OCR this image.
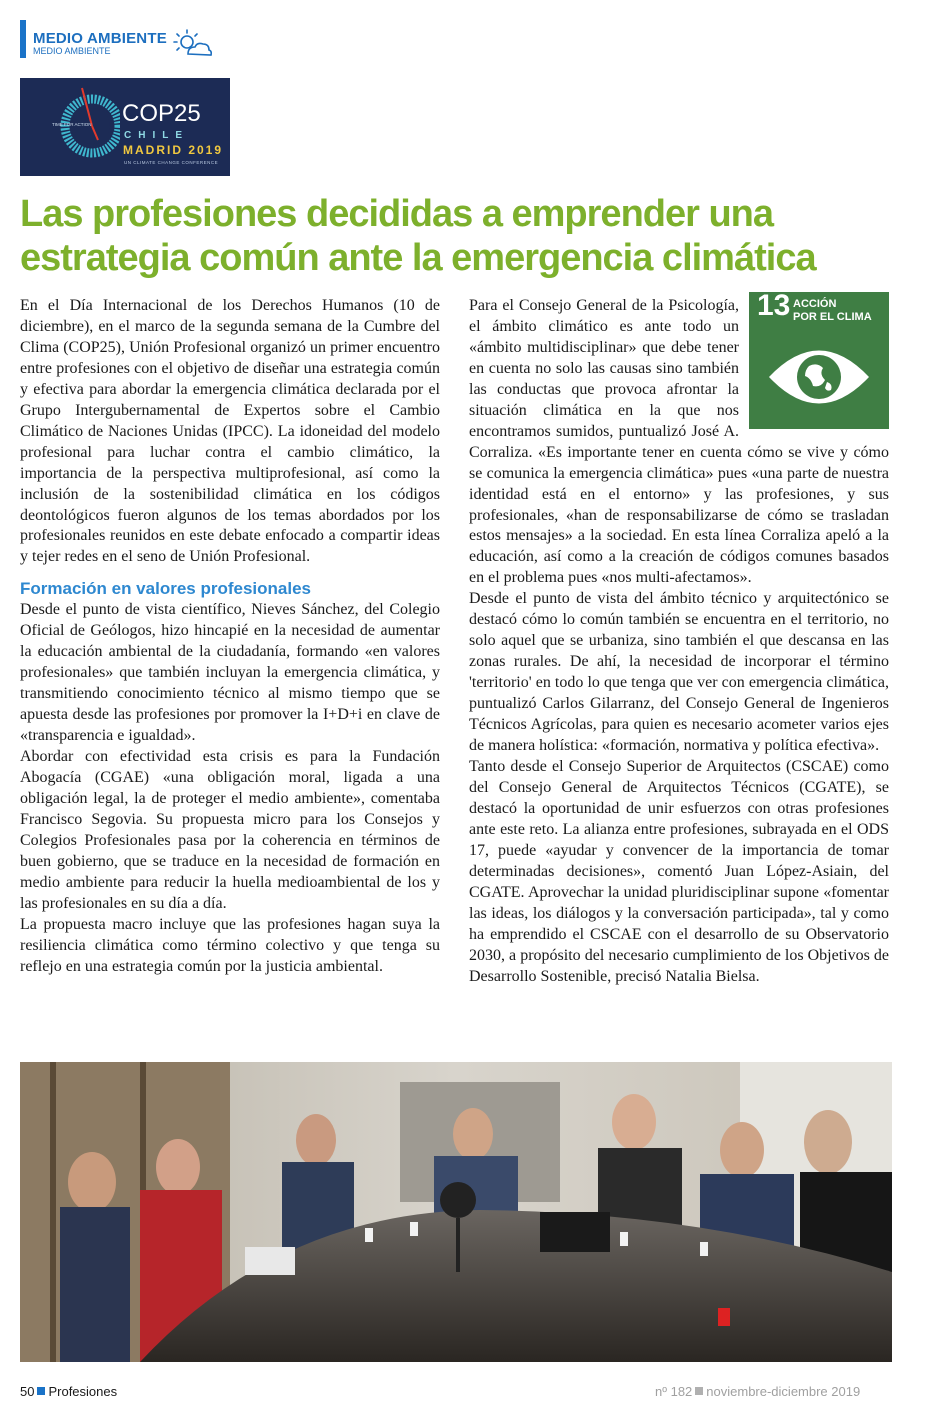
MEDIO AMBIENTE
MEDIO AMBIENTE
TIME FOR ACTION COP25
CHILE
MADRID 2019
UN CLIMATE CHANGE CONFERENCE
Las profesiones decididas a emprender una estrategia común ante la emergencia climática

En el Día Internacional de los Derechos Humanos (10 de diciembre), en el marco de la segunda semana de la Cumbre del Clima (COP25), Unión Profesional organizó un primer encuentro entre profesiones con el objetivo de diseñar una estrategia común y efectiva para abordar la emergencia climática declarada por el Grupo Intergubernamental de Expertos sobre el Cambio Climático de Naciones Unidas (IPCC). La idoneidad del modelo profesional para luchar contra el cambio climático, la importancia de la perspectiva multiprofesional, así como la inclusión de la sostenibilidad climática en los códigos deontológicos fueron algunos de los temas abordados por los profesionales reunidos en este debate enfocado a compartir ideas y tejer redes en el seno de Unión Profesional.

Formación en valores profesionales

Desde el punto de vista científico, Nieves Sánchez, del Colegio Oficial de Geólogos, hizo hincapié en la necesidad de aumentar la educación ambiental de la ciudadanía, formando «en valores profesionales» que también incluyan la emergencia climática, y transmitiendo conocimiento técnico al mismo tiempo que se apuesta desde las profesiones por promover la I+D+i en clave de «transparencia e igualdad».

Abordar con efectividad esta crisis es para la Fundación Abogacía (CGAE) «una obligación moral, ligada a una obligación legal, la de proteger el medio ambiente», comentaba Francisco Segovia. Su propuesta micro para los Consejos y Colegios Profesionales pasa por la coherencia en términos de buen gobierno, que se traduce en la necesidad de formación en medio ambiente para reducir la huella medioambiental de los y las profesionales en su día a día.

La propuesta macro incluye que las profesiones hagan suya la resiliencia climática como término colectivo y que tenga su reflejo en una estrategia común por la justicia ambiental.

13 ACCIÓN
POR EL CLIMA

Para el Consejo General de la Psicología, el ámbito climático es ante todo un «ámbito multidisciplinar» que debe tener en cuenta no solo las causas sino también las conductas que provoca afrontar la situación climática en la que nos encontramos sumidos, puntualizó José A. Corraliza. «Es importante tener en cuenta cómo se vive y cómo se comunica la emergencia climática» pues «una parte de nuestra identidad está en el entorno» y las profesiones, y sus profesionales, «han de responsabilizarse de cómo se trasladan estos mensajes» a la sociedad. En esta línea Corraliza apeló a la educación, así como a la creación de códigos comunes basados en el problema pues «nos multi-afectamos».

Desde el punto de vista del ámbito técnico y arquitectónico se destacó cómo lo común también se encuentra en el territorio, no solo aquel que se urbaniza, sino también el que descansa en las zonas rurales. De ahí, la necesidad de incorporar el término 'territorio' en todo lo que tenga que ver con emergencia climática, puntualizó Carlos Gilarranz, del Consejo General de Ingenieros Técnicos Agrícolas, para quien es necesario acometer varios ejes de manera holística: «formación, normativa y política efectiva».

Tanto desde el Consejo Superior de Arquitectos (CSCAE) como del Consejo General de Arquitectos Técnicos (CGATE), se destacó la oportunidad de unir esfuerzos con otras profesiones ante este reto. La alianza entre profesiones, subrayada en el ODS 17, puede «ayudar y convencer de la importancia de tomar determinadas decisiones», comentó Juan López-Asiain, del CGATE. Aprovechar la unidad pluridisciplinar supone «fomentar las ideas, los diálogos y la conversación participada», tal y como ha emprendido el CSCAE con el desarrollo de su Observatorio 2030, a propósito del necesario cumplimiento de los Objetivos de Desarrollo Sostenible, precisó Natalia Bielsa.

50 Profesiones	nº 182 noviembre-diciembre 2019
